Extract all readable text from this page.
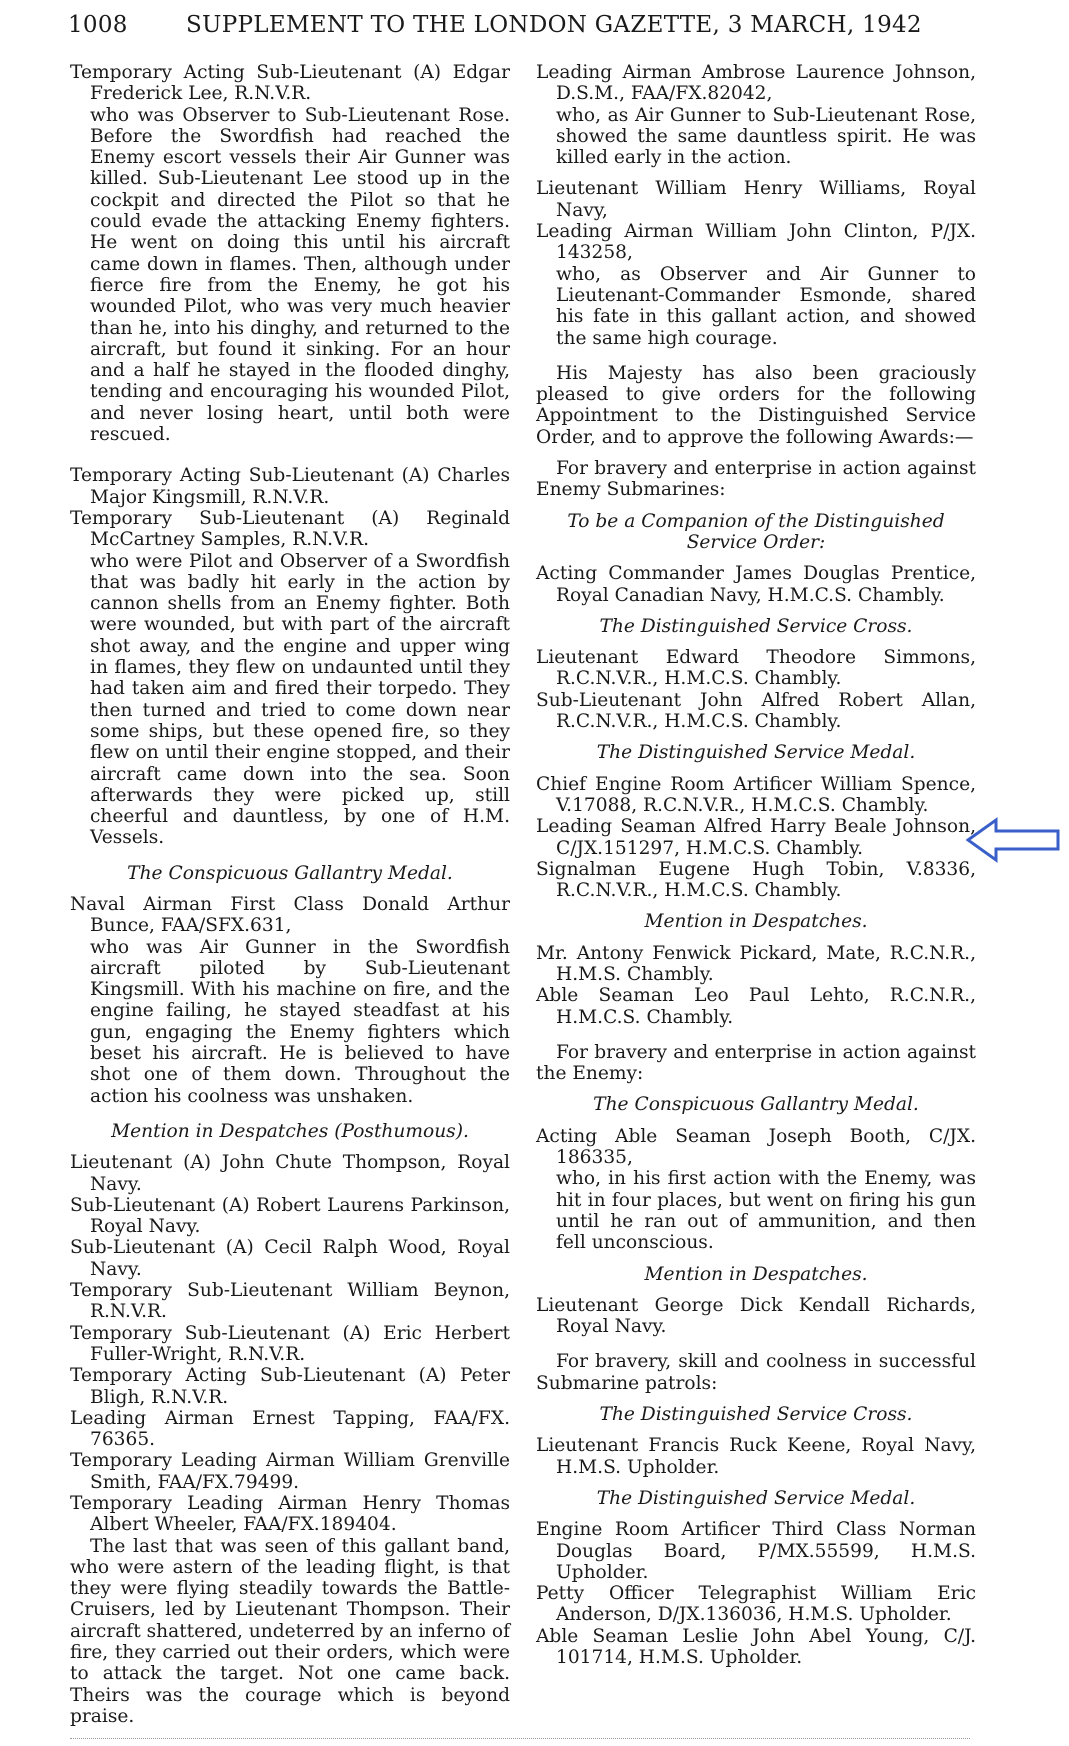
1008	SUPPLEMENT TO THE LONDON GAZETTE, 3 MARCH, 1942

Temporary Acting Sub-Lieutenant (A) Edgar Frederick Lee, R.N.V.R.

who was Observer to Sub-Lieutenant Rose. Before the Swordfish had reached the Enemy escort vessels their Air Gunner was killed. Sub-Lieutenant Lee stood up in the cockpit and directed the Pilot so that he could evade the attacking Enemy fighters. He went on doing this until his aircraft came down in flames. Then, although under fierce fire from the Enemy, he got his wounded Pilot, who was very much heavier than he, into his dinghy, and returned to the aircraft, but found it sinking. For an hour and a half he stayed in the flooded dinghy, tending and encouraging his wounded Pilot, and never losing heart, until both were rescued.

Temporary Acting Sub-Lieutenant (A) Charles Major Kingsmill, R.N.V.R.

Temporary Sub-Lieutenant (A) Reginald McCartney Samples, R.N.V.R.

who were Pilot and Observer of a Swordfish that was badly hit early in the action by cannon shells from an Enemy fighter. Both were wounded, but with part of the aircraft shot away, and the engine and upper wing in flames, they flew on undaunted until they had taken aim and fired their torpedo. They then turned and tried to come down near some ships, but these opened fire, so they flew on until their engine stopped, and their aircraft came down into the sea. Soon afterwards they were picked up, still cheerful and dauntless, by one of H.M. Vessels.

The Conspicuous Gallantry Medal.

Naval Airman First Class Donald Arthur Bunce, FAA/SFX.631,

who was Air Gunner in the Swordfish aircraft piloted by Sub-Lieutenant Kingsmill. With his machine on fire, and the engine failing, he stayed steadfast at his gun, engaging the Enemy fighters which beset his aircraft. He is believed to have shot one of them down. Throughout the action his coolness was unshaken.

Mention in Despatches (Posthumous).

Lieutenant (A) John Chute Thompson, Royal Navy.

Sub-Lieutenant (A) Robert Laurens Parkinson, Royal Navy.

Sub-Lieutenant (A) Cecil Ralph Wood, Royal Navy.

Temporary Sub-Lieutenant William Beynon, R.N.V.R.

Temporary Sub-Lieutenant (A) Eric Herbert Fuller-Wright, R.N.V.R.

Temporary Acting Sub-Lieutenant (A) Peter Bligh, R.N.V.R.

Leading Airman Ernest Tapping, FAA/FX. 76365.

Temporary Leading Airman William Grenville Smith, FAA/FX.79499.

Temporary Leading Airman Henry Thomas Albert Wheeler, FAA/FX.189404.

The last that was seen of this gallant band, who were astern of the leading flight, is that they were flying steadily towards the Battle-Cruisers, led by Lieutenant Thompson. Their aircraft shattered, undeterred by an inferno of fire, they carried out their orders, which were to attack the target. Not one came back. Theirs was the courage which is beyond praise.

Leading Airman Ambrose Laurence Johnson, D.S.M., FAA/FX.82042,

who, as Air Gunner to Sub-Lieutenant Rose, showed the same dauntless spirit. He was killed early in the action.

Lieutenant William Henry Williams, Royal Navy,

Leading Airman William John Clinton, P/JX. 143258,

who, as Observer and Air Gunner to Lieutenant-Commander Esmonde, shared his fate in this gallant action, and showed the same high courage.

His Majesty has also been graciously pleased to give orders for the following Appointment to the Distinguished Service Order, and to approve the following Awards:—

For bravery and enterprise in action against Enemy Submarines:

To be a Companion of the Distinguished Service Order:

Acting Commander James Douglas Prentice, Royal Canadian Navy, H.M.C.S. Chambly.

The Distinguished Service Cross.

Lieutenant Edward Theodore Simmons, R.C.N.V.R., H.M.C.S. Chambly.

Sub-Lieutenant John Alfred Robert Allan, R.C.N.V.R., H.M.C.S. Chambly.

The Distinguished Service Medal.

Chief Engine Room Artificer William Spence, V.17088, R.C.N.V.R., H.M.C.S. Chambly.

Leading Seaman Alfred Harry Beale Johnson, C/JX.151297, H.M.C.S. Chambly.

Signalman Eugene Hugh Tobin, V.8336, R.C.N.V.R., H.M.C.S. Chambly.

Mention in Despatches.

Mr. Antony Fenwick Pickard, Mate, R.C.N.R., H.M.S. Chambly.

Able Seaman Leo Paul Lehto, R.C.N.R., H.M.C.S. Chambly.

For bravery and enterprise in action against the Enemy:

The Conspicuous Gallantry Medal.

Acting Able Seaman Joseph Booth, C/JX. 186335,

who, in his first action with the Enemy, was hit in four places, but went on firing his gun until he ran out of ammunition, and then fell unconscious.

Mention in Despatches.

Lieutenant George Dick Kendall Richards, Royal Navy.

For bravery, skill and coolness in successful Submarine patrols:

The Distinguished Service Cross.

Lieutenant Francis Ruck Keene, Royal Navy, H.M.S. Upholder.

The Distinguished Service Medal.

Engine Room Artificer Third Class Norman Douglas Board, P/MX.55599, H.M.S. Upholder.

Petty Officer Telegraphist William Eric Anderson, D/JX.136036, H.M.S. Upholder.

Able Seaman Leslie John Abel Young, C/J. 101714, H.M.S. Upholder.
